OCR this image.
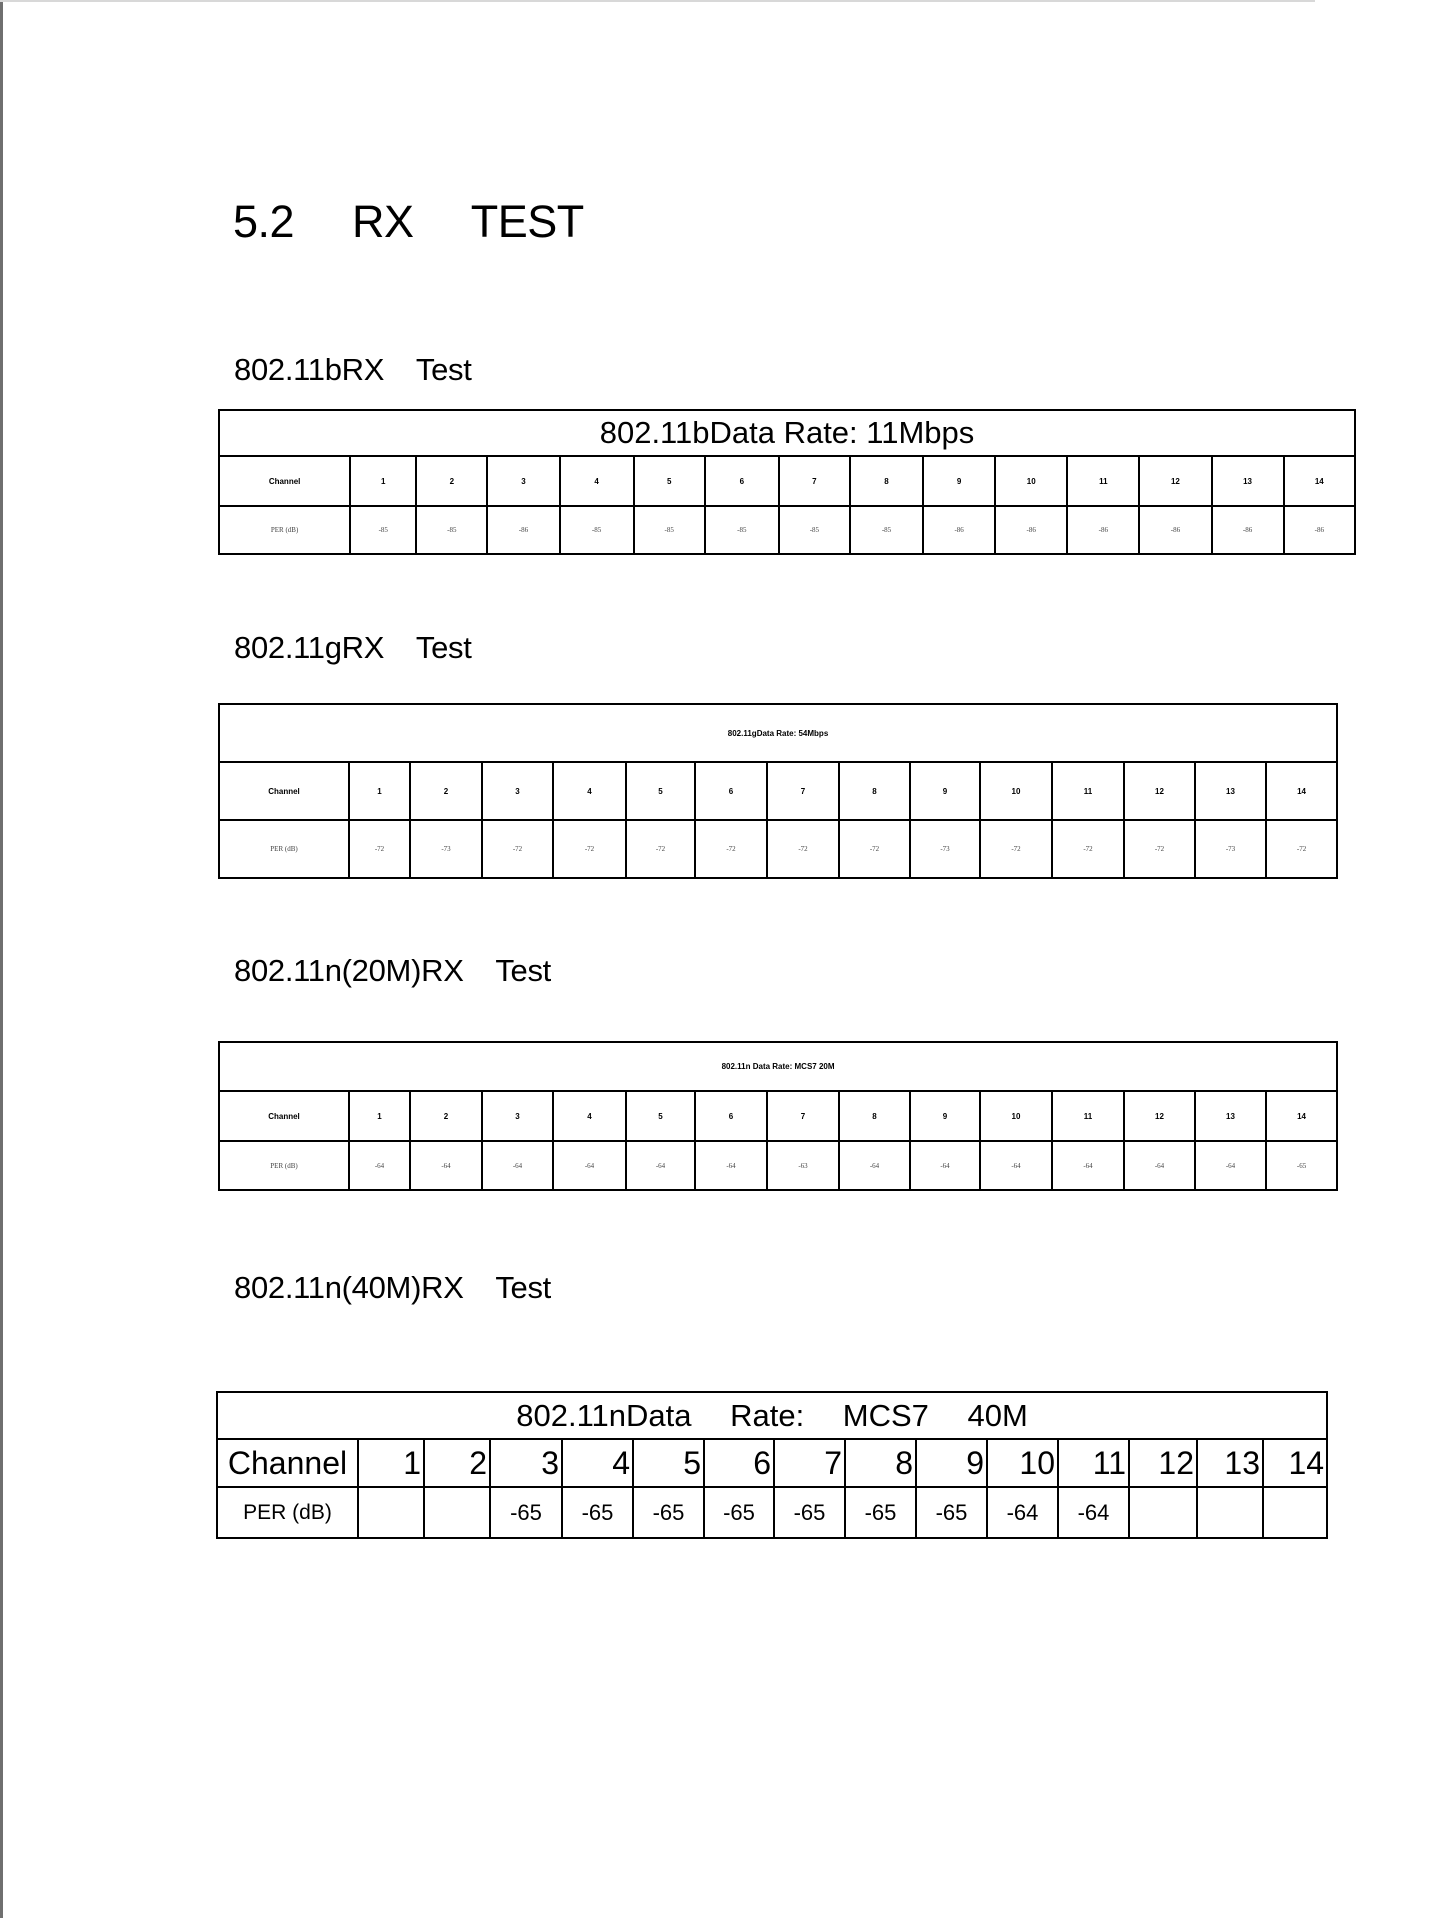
5.2 RX TEST
802.11bRX Test
802.11bData Rate: 11Mbps														
Channel	1	2	3	4	5	6	7	8	9	10	11	12	13	14
PER (dB)	-85	-85	-86	-85	-85	-85	-85	-85	-86	-86	-86	-86	-86	-86
802.11gRX Test
802.11gData Rate: 54Mbps														
Channel	1	2	3	4	5	6	7	8	9	10	11	12	13	14
PER (dB)	-72	-73	-72	-72	-72	-72	-72	-72	-73	-72	-72	-72	-73	-72
802.11n(20M)RX Test
802.11n Data Rate: MCS7 20M														
Channel	1	2	3	4	5	6	7	8	9	10	11	12	13	14
PER (dB)	-64	-64	-64	-64	-64	-64	-63	-64	-64	-64	-64	-64	-64	-65
802.11n(40M)RX Test
802.11nData Rate: MCS7 40M														
Channel	1	2	3	4	5	6	7	8	9	10	11	12	13	14
PER (dB)			-65	-65	-65	-65	-65	-65	-65	-64	-64			
